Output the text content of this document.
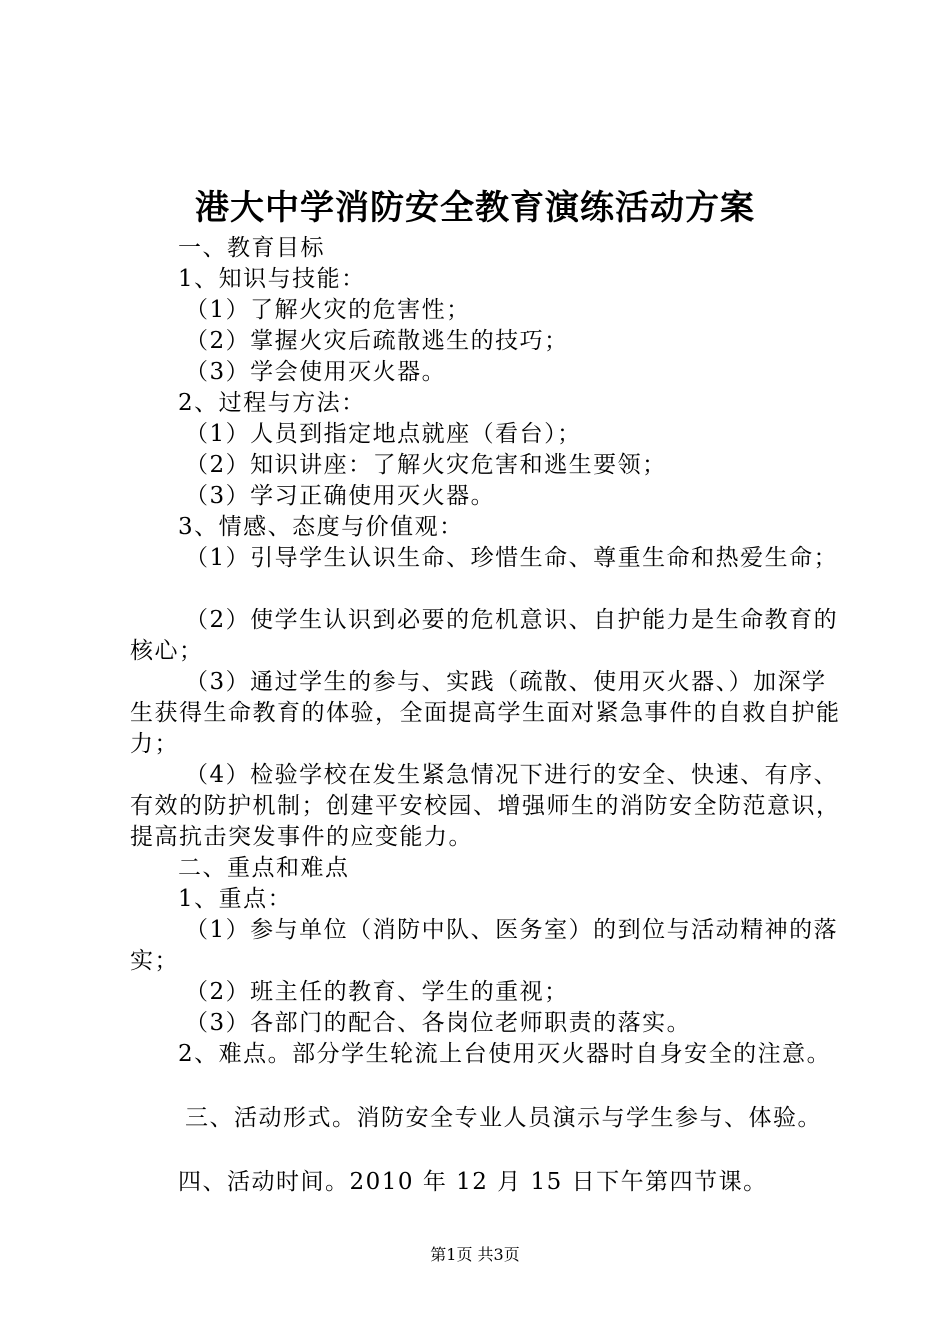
港大中学消防安全教育演练活动方案

一、教育目标

1、知识与技能：

（1）了解火灾的危害性；

（2）掌握火灾后疏散逃生的技巧；

（3）学会使用灭火器。

2、过程与方法：

（1）人员到指定地点就座（看台）；

（2）知识讲座：了解火灾危害和逃生要领；

（3）学习正确使用灭火器。

3、情感、态度与价值观：

（1）引导学生认识生命、珍惜生命、尊重生命和热爱生命；

（2）使学生认识到必要的危机意识、自护能力是生命教育的核心；

（3）通过学生的参与、实践（疏散、使用灭火器、）加深学生获得生命教育的体验，全面提高学生面对紧急事件的自救自护能力；

（4）检验学校在发生紧急情况下进行的安全、快速、有序、有效的防护机制；创建平安校园、增强师生的消防安全防范意识，提高抗击突发事件的应变能力。

二、重点和难点

1、重点：

（1）参与单位（消防中队、医务室）的到位与活动精神的落实；

（2）班主任的教育、学生的重视；

（3）各部门的配合、各岗位老师职责的落实。

2、难点。部分学生轮流上台使用灭火器时自身安全的注意。

三、活动形式。消防安全专业人员演示与学生参与、体验。

四、活动时间。2010 年 12 月 15 日下午第四节课。

第1页 共3页
